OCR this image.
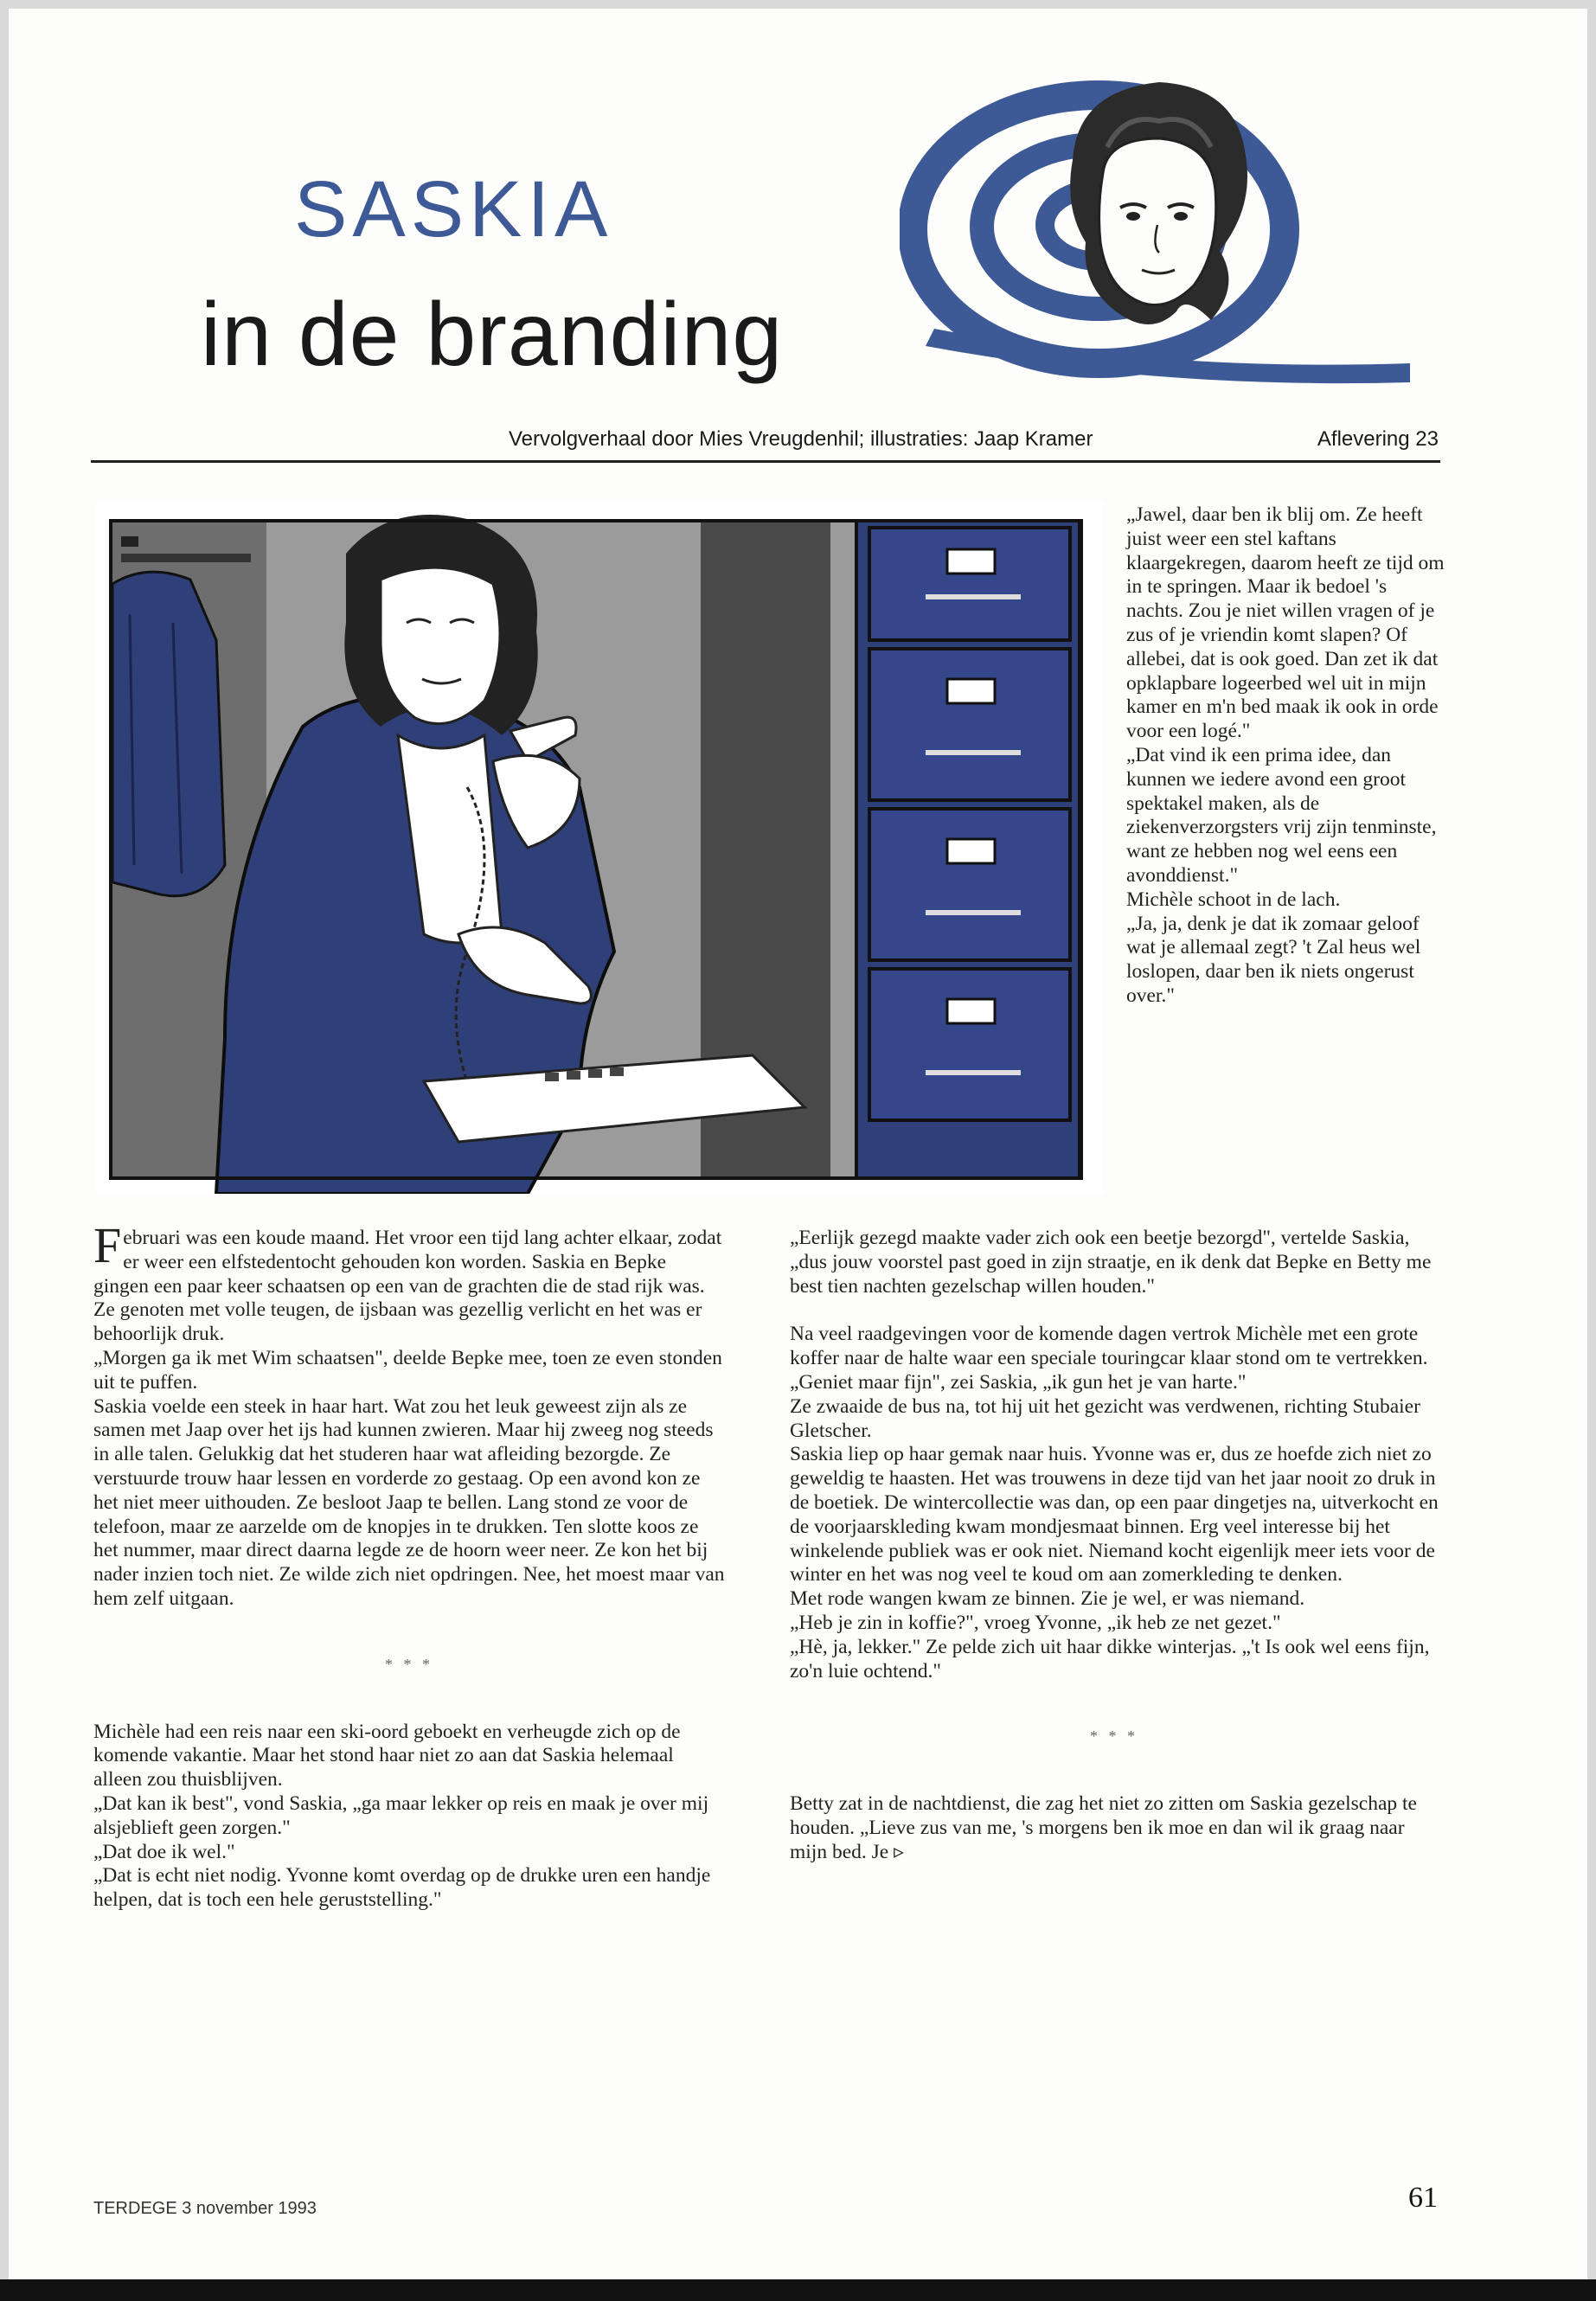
SASKIA
in de branding
Vervolgverhaal door Mies Vreugdenhil; illustraties: Jaap Kramer	Aflevering 23

„Jawel, daar ben ik blij om. Ze heeft juist weer een stel kaftans klaargekregen, daarom heeft ze tijd om in te springen. Maar ik bedoel 's nachts. Zou je niet willen vragen of je zus of je vriendin komt slapen? Of allebei, dat is ook goed. Dan zet ik dat opklapbare logeerbed wel uit in mijn kamer en m'n bed maak ik ook in orde voor een logé."

„Dat vind ik een prima idee, dan kunnen we iedere avond een groot spektakel maken, als de ziekenverzorgsters vrij zijn tenminste, want ze hebben nog wel eens een avonddienst."

Michèle schoot in de lach.

„Ja, ja, denk je dat ik zomaar geloof wat je allemaal zegt? 't Zal heus wel loslopen, daar ben ik niets ongerust over."

Februari was een koude maand. Het vroor een tijd lang achter elkaar, zodat er weer een elfstedentocht gehouden kon worden. Saskia en Bepke gingen een paar keer schaatsen op een van de grachten die de stad rijk was. Ze genoten met volle teugen, de ijsbaan was gezellig verlicht en het was er behoorlijk druk.

„Morgen ga ik met Wim schaatsen", deelde Bepke mee, toen ze even stonden uit te puffen.

Saskia voelde een steek in haar hart. Wat zou het leuk geweest zijn als ze samen met Jaap over het ijs had kunnen zwieren. Maar hij zweeg nog steeds in alle talen. Gelukkig dat het studeren haar wat afleiding bezorgde. Ze verstuurde trouw haar lessen en vorderde zo gestaag. Op een avond kon ze het niet meer uithouden. Ze besloot Jaap te bellen. Lang stond ze voor de telefoon, maar ze aarzelde om de knopjes in te drukken. Ten slotte koos ze het nummer, maar direct daarna legde ze de hoorn weer neer. Ze kon het bij nader inzien toch niet. Ze wilde zich niet opdringen. Nee, het moest maar van hem zelf uitgaan.

* * *

Michèle had een reis naar een ski-oord geboekt en verheugde zich op de komende vakantie. Maar het stond haar niet zo aan dat Saskia helemaal alleen zou thuisblijven.

„Dat kan ik best", vond Saskia, „ga maar lekker op reis en maak je over mij alsjeblieft geen zorgen."

„Dat doe ik wel."

„Dat is echt niet nodig. Yvonne komt overdag op de drukke uren een handje helpen, dat is toch een hele geruststelling."

„Eerlijk gezegd maakte vader zich ook een beetje bezorgd", vertelde Saskia, „dus jouw voorstel past goed in zijn straatje, en ik denk dat Bepke en Betty me best tien nachten gezelschap willen houden."

Na veel raadgevingen voor de komende dagen vertrok Michèle met een grote koffer naar de halte waar een speciale touringcar klaar stond om te vertrekken.

„Geniet maar fijn", zei Saskia, „ik gun het je van harte."

Ze zwaaide de bus na, tot hij uit het gezicht was verdwenen, richting Stubaier Gletscher.

Saskia liep op haar gemak naar huis. Yvonne was er, dus ze hoefde zich niet zo geweldig te haasten. Het was trouwens in deze tijd van het jaar nooit zo druk in de boetiek. De wintercollectie was dan, op een paar dingetjes na, uitverkocht en de voorjaarskleding kwam mondjesmaat binnen. Erg veel interesse bij het winkelende publiek was er ook niet. Niemand kocht eigenlijk meer iets voor de winter en het was nog veel te koud om aan zomerkleding te denken.

Met rode wangen kwam ze binnen. Zie je wel, er was niemand.

„Heb je zin in koffie?", vroeg Yvonne, „ik heb ze net gezet."

„Hè, ja, lekker." Ze pelde zich uit haar dikke winterjas. „'t Is ook wel eens fijn, zo'n luie ochtend."

* * *

Betty zat in de nachtdienst, die zag het niet zo zitten om Saskia gezelschap te houden. „Lieve zus van me, 's morgens ben ik moe en dan wil ik graag naar mijn bed. Je ▹

TERDEGE 3 november 1993	61
